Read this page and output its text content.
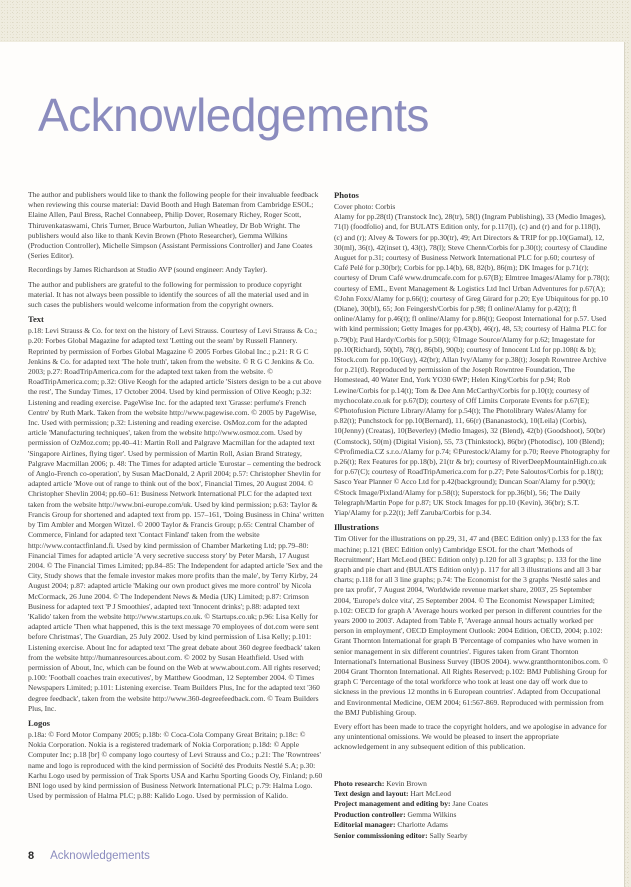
Acknowledgements

The author and publishers would like to thank the following people for their invaluable feedback when reviewing this course material: David Booth and Hugh Bateman from Cambridge ESOL; Elaine Allen, Paul Bress, Rachel Connabeep, Philip Dover, Rosemary Richey, Roger Scott, Thiruvenkataswami, Chris Turner, Bruce Warburton, Julian Wheatley, Dr Bob Wright. The publishers would also like to thank Kevin Brown (Photo Researcher), Gemma Wilkins (Production Controller), Michelle Simpson (Assistant Permissions Controller) and Jane Coates (Series Editor).

Recordings by James Richardson at Studio AVP (sound engineer: Andy Tayler).

The author and publishers are grateful to the following for permission to produce copyright material. It has not always been possible to identify the sources of all the material used and in such cases the publishers would welcome information from the copyright owners.

Text

p.18: Levi Strauss & Co. for text on the history of Levi Strauss. Courtesy of Levi Strauss & Co.; p.20: Forbes Global Magazine for adapted text 'Letting out the seam' by Russell Flannery. Reprinted by permission of Forbes Global Magazine © 2005 Forbes Global Inc.; p.21: R G C Jenkins & Co. for adapted text 'The hole truth', taken from the website. © R G C Jenkins & Co. 2003; p.27: RoadTripAmerica.com for the adapted text taken from the website. © RoadTripAmerica.com; p.32: Olive Keogh for the adapted article 'Sisters design to be a cut above the rest', The Sunday Times, 17 October 2004. Used by kind permission of Olive Keogh; p.32: Listening and reading exercise. PageWise Inc. for the adapted text 'Grasse: perfume's French Centre' by Ruth Mark. Taken from the website http://www.pagewise.com. © 2005 by PageWise, Inc. Used with permission; p.32: Listening and reading exercise. OsMoz.com for the adapted article 'Manufacturing techniques', taken from the website http://www.osmoz.com. Used by permission of OzMoz.com; pp.40–41: Martin Roll and Palgrave Macmillan for the adapted text 'Singapore Airlines, flying tiger'. Used by permission of Martin Roll, Asian Brand Strategy, Palgrave Macmillan 2006; p. 48: The Times for adapted article 'Eurostar – cementing the bedrock of Anglo-French co-operation', by Susan MacDonald, 2 April 2004; p.57: Christopher Shevlin for adapted article 'Move out of range to think out of the box', Financial Times, 20 August 2004. © Christopher Shevlin 2004; pp.60–61: Business Network International PLC for the adapted text taken from the website http://www.bni-europe.com/uk. Used by kind permission; p.63: Taylor & Francis Group for shortened and adapted text from pp. 157–161, 'Doing Business in China' written by Tim Ambler and Morgen Witzel. © 2000 Taylor & Francis Group; p.65: Central Chamber of Commerce, Finland for adapted text 'Contact Finland' taken from the website http://www.contactfinland.fi. Used by kind permission of Chamber Marketing Ltd; pp.79–80: Financial Times for adapted article 'A very secretive success story' by Peter Marsh, 17 August 2004. © The Financial Times Limited; pp.84–85: The Independent for adapted article 'Sex and the City, Study shows that the female investor makes more profits than the male', by Terry Kirby, 24 August 2004; p.87: adapted article 'Making our own product gives me more control' by Nicola McCormack, 26 June 2004. © The Independent News & Media (UK) Limited; p.87: Crimson Business for adapted text 'P J Smoothies', adapted text 'Innocent drinks'; p.88: adapted text 'Kalido' taken from the website http://www.startups.co.uk. © Startups.co.uk; p.96: Lisa Kelly for adapted article 'Then what happened, this is the text message 70 employees of dot.com were sent before Christmas', The Guardian, 25 July 2002. Used by kind permission of Lisa Kelly; p.101: Listening exercise. About Inc for adapted text 'The great debate about 360 degree feedback' taken from the website http://humanresources.about.com. © 2002 by Susan Heathfield. Used with permission of About, Inc, which can be found on the Web at www.about.com. All rights reserved; p.100: 'Football coaches train executives', by Matthew Goodman, 12 September 2004. © Times Newspapers Limited; p.101: Listening exercise. Team Builders Plus, Inc for the adapted text '360 degree feedback', taken from the website http://www.360-degreefeedback.com. © Team Builders Plus, Inc.

Logos

p.18a: © Ford Motor Company 2005; p.18b: © Coca-Cola Company Great Britain; p.18c: © Nokia Corporation. Nokia is a registered trademark of Nokia Corporation; p.18d: © Apple Computer Inc; p.18 [br] © company logo courtesy of Levi Strauss and Co.; p.21: The 'Rowntrees' name and logo is reproduced with the kind permission of Société des Produits Nestlé S.A; p.30: Karhu Logo used by permission of Trak Sports USA and Karhu Sporting Goods Oy, Finland; p.60 BNI logo used by kind permission of Business Network International PLC; p.79: Halma Logo. Used by permission of Halma PLC; p.88: Kalido Logo. Used by permission of Kalido.

Photos

Cover photo: Corbis

Alamy for pp.28(tl) (Transtock Inc), 28(tr), 58(l) (Ingram Publishing), 33 (Medio Images), 71(l) (foodfolio) and, for BULATS Edition only, for p.117(l), (c) and (r) and for p.118(l), (c) and (r); Alvey & Towers for pp.30(tr), 49; Art Directors & TRIP for pp.10(Gamal), 12, 30(ml), 36(t), 42(inset t), 43(t), 78(l); Steve Chenn/Corbis for p.30(t); courtesy of Claudine Auguet for p.31; courtesy of Business Network International PLC for p.60; courtesy of Café Pelé for p.30(br); Corbis for pp.14(b), 68, 82(b), 86(m); DK Images for p.71(r); courtesy of Drum Café www.drumcafe.com for p.67(B); Elmtree Images/Alamy for p.78(t); courtesy of EML, Event Management & Logistics Ltd Incl Urban Adventures for p.67(A); ©John Foxx/Alamy for p.66(t); courtesy of Greg Girard for p.20; Eye Ubiquitous for pp.10 (Diane), 30(bl), 65; Jon Feingersh/Corbis for p.98; fl online/Alamy for p.42(t); fl online/Alamy for p.46(t); fl online/Alamy for p.86(t); Geopost International for p.57. Used with kind permission; Getty Images for pp.43(b), 46(r), 48, 53; courtesy of Halma PLC for p.79(b); Paul Hardy/Corbis for p.50(t); ©Image Source/Alamy for p.62; Imagestate for pp.10(Richard), 50(bl), 78(r), 86(bl), 90(b); courtesy of Innocent Ltd for pp.108(t & b); IStock.com for pp.10(Guy), 42(br); Allan Ivy/Alamy for p.38(t); Joseph Rowntree Archive for p.21(tl). Reproduced by permission of the Joseph Rowntree Foundation, The Homestead, 40 Water End, York YO30 6WP; Helen King/Corbis for p.94; Rob Lewine/Corbis for p.14(t); Tom & Dee Ann McCarthy/Corbis for p.10(t); courtesy of mychocolate.co.uk for p.67(D); courtesy of Off Limits Corporate Events for p.67(E); ©Photofusion Picture Library/Alamy for p.54(t); The Photolibrary Wales/Alamy for p.82(t); Punchstock for pp.10(Bernard), 11, 66(r) (Bananastock), 10(Leila) (Corbis), 10(Jenny) (Creatas), 10(Beverley) (Medio Images), 32 (Blend), 42(b) (Goodshoot), 50(br) (Comstock), 50(m) (Digital Vision), 55, 73 (Thinkstock), 86(br) (Photodisc), 100 (Blend); ©Profimedia.CZ s.r.o./Alamy for p.74; ©Purestock/Alamy for p.70; Reeve Photography for p.26(t); Rex Features for pp.18(b), 21(tr & br); courtesy of RiverDeepMountainHigh.co.uk for p.67(C); courtesy of RoadTripAmerica.com for p.27; Pete Saloutos/Corbis for p.18(t); Sasco Year Planner © Acco Ltd for p.42(background); Duncan Soar/Alamy for p.90(t); ©Stock Image/Pixland/Alamy for p.58(t); Superstock for pp.36(bl), 56; The Daily Telegraph/Martin Pope for p.87; UK Stock Images for pp.10 (Kevin), 36(br); S.T. Yiap/Alamy for p.22(t); Jeff Zaruba/Corbis for p.34.

Illustrations

Tim Oliver for the illustrations on pp.29, 31, 47 and (BEC Edition only) p.133 for the fax machine; p.121 (BEC Edition only) Cambridge ESOL for the chart 'Methods of Recruitment'; Hart McLeod (BEC Edition only) p.120 for all 3 graphs; p. 133 for the line graph and pie chart and (BULATS Edition only) p. 117 for all 3 illustrations and all 3 bar charts; p.118 for all 3 line graphs; p.74: The Economist for the 3 graphs 'Nestlé sales and pre tax profit', 7 August 2004, 'Worldwide revenue market share, 2003', 25 September 2004, 'Europe's dolce vita', 25 September 2004. © The Economist Newspaper Limited; p.102: OECD for graph A 'Average hours worked per person in different countries for the years 2000 to 2003'. Adapted from Table F, 'Average annual hours actually worked per person in employment', OECD Employment Outlook: 2004 Edition, OECD, 2004; p.102: Grant Thornton International for graph B 'Percentage of companies who have women in senior management in six different countries'. Figures taken from Grant Thornton International's International Business Survey (IBOS 2004). www.grantthorntonibos.com. © 2004 Grant Thornton International. All Rights Reserved; p.102: BMJ Publishing Group for graph C 'Percentage of the total workforce who took at least one day off work due to sickness in the previous 12 months in 6 European countries'. Adapted from Occupational and Environmental Medicine, OEM 2004; 61:567-869. Reproduced with permission from the BMJ Publishing Group.

Every effort has been made to trace the copyright holders, and we apologise in advance for any unintentional omissions. We would be pleased to insert the appropriate acknowledgement in any subsequent edition of this publication.

Photo research: Kevin Brown
Text design and layout: Hart McLeod
Project management and editing by: Jane Coates
Production controller: Gemma Wilkins
Editorial manager: Charlotte Adams
Senior commissioning editor: Sally Searby
8 Acknowledgements
